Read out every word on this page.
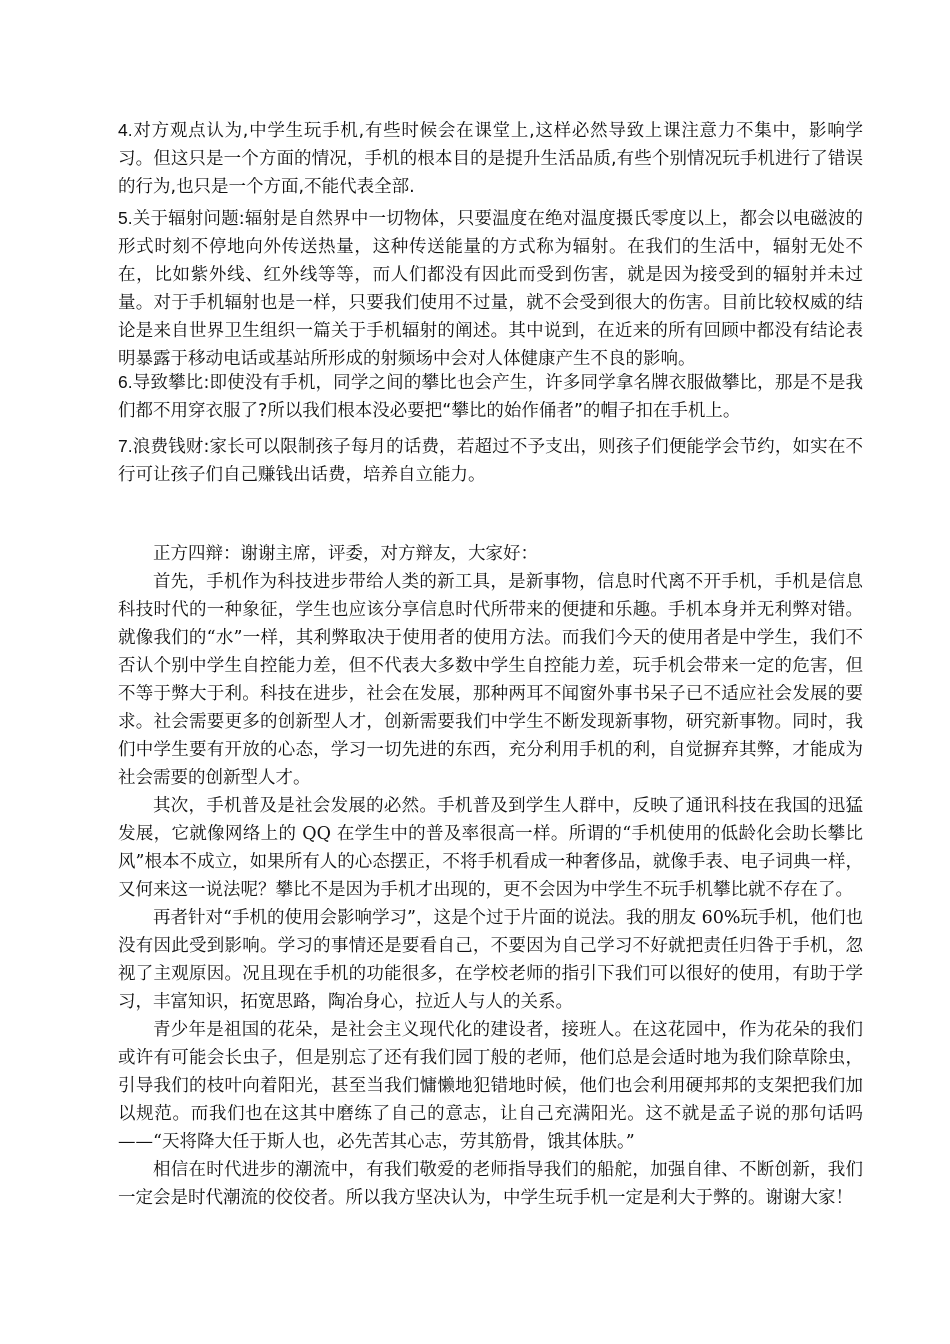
4.对方观点认为,中学生玩手机,有些时候会在课堂上,这样必然导致上课注意力不集中，影响学习。但这只是一个方面的情况，手机的根本目的是提升生活品质,有些个别情况玩手机进行了错误的行为,也只是一个方面,不能代表全部.

5.关于辐射问题:辐射是自然界中一切物体，只要温度在绝对温度摄氏零度以上，都会以电磁波的形式时刻不停地向外传送热量，这种传送能量的方式称为辐射。在我们的生活中，辐射无处不在，比如紫外线、红外线等等，而人们都没有因此而受到伤害，就是因为接受到的辐射并未过量。对于手机辐射也是一样，只要我们使用不过量，就不会受到很大的伤害。目前比较权威的结论是来自世界卫生组织一篇关于手机辐射的阐述。其中说到，在近来的所有回顾中都没有结论表明暴露于移动电话或基站所形成的射频场中会对人体健康产生不良的影响。

6.导致攀比:即使没有手机，同学之间的攀比也会产生，许多同学拿名牌衣服做攀比，那是不是我们都不用穿衣服了?所以我们根本没必要把“攀比的始作俑者”的帽子扣在手机上。

7.浪费钱财:家长可以限制孩子每月的话费，若超过不予支出，则孩子们便能学会节约，如实在不行可让孩子们自己赚钱出话费，培养自立能力。

正方四辩：谢谢主席，评委，对方辩友，大家好：

首先，手机作为科技进步带给人类的新工具，是新事物，信息时代离不开手机，手机是信息科技时代的一种象征，学生也应该分享信息时代所带来的便捷和乐趣。手机本身并无利弊对错。就像我们的“水”一样，其利弊取决于使用者的使用方法。而我们今天的使用者是中学生，我们不否认个别中学生自控能力差，但不代表大多数中学生自控能力差，玩手机会带来一定的危害，但不等于弊大于利。科技在进步，社会在发展，那种两耳不闻窗外事书呆子已不适应社会发展的要求。社会需要更多的创新型人才，创新需要我们中学生不断发现新事物，研究新事物。同时，我们中学生要有开放的心态，学习一切先进的东西，充分利用手机的利，自觉摒弃其弊，才能成为社会需要的创新型人才。

其次，手机普及是社会发展的必然。手机普及到学生人群中，反映了通讯科技在我国的迅猛发展，它就像网络上的 QQ 在学生中的普及率很高一样。所谓的“手机使用的低龄化会助长攀比风”根本不成立，如果所有人的心态摆正，不将手机看成一种奢侈品，就像手表、电子词典一样，又何来这一说法呢？攀比不是因为手机才出现的，更不会因为中学生不玩手机攀比就不存在了。

再者针对“手机的使用会影响学习”，这是个过于片面的说法。我的朋友 60%玩手机，他们也没有因此受到影响。学习的事情还是要看自己，不要因为自己学习不好就把责任归咎于手机，忽视了主观原因。况且现在手机的功能很多，在学校老师的指引下我们可以很好的使用，有助于学习，丰富知识，拓宽思路，陶冶身心，拉近人与人的关系。

青少年是祖国的花朵，是社会主义现代化的建设者，接班人。在这花园中，作为花朵的我们或许有可能会长虫子，但是别忘了还有我们园丁般的老师，他们总是会适时地为我们除草除虫，引导我们的枝叶向着阳光，甚至当我们慵懒地犯错地时候，他们也会利用硬邦邦的支架把我们加以规范。而我们也在这其中磨练了自己的意志，让自己充满阳光。这不就是孟子说的那句话吗——“天将降大任于斯人也，必先苦其心志，劳其筋骨，饿其体肤。”

相信在时代进步的潮流中，有我们敬爱的老师指导我们的船舵，加强自律、不断创新，我们一定会是时代潮流的佼佼者。所以我方坚决认为，中学生玩手机一定是利大于弊的。谢谢大家！
